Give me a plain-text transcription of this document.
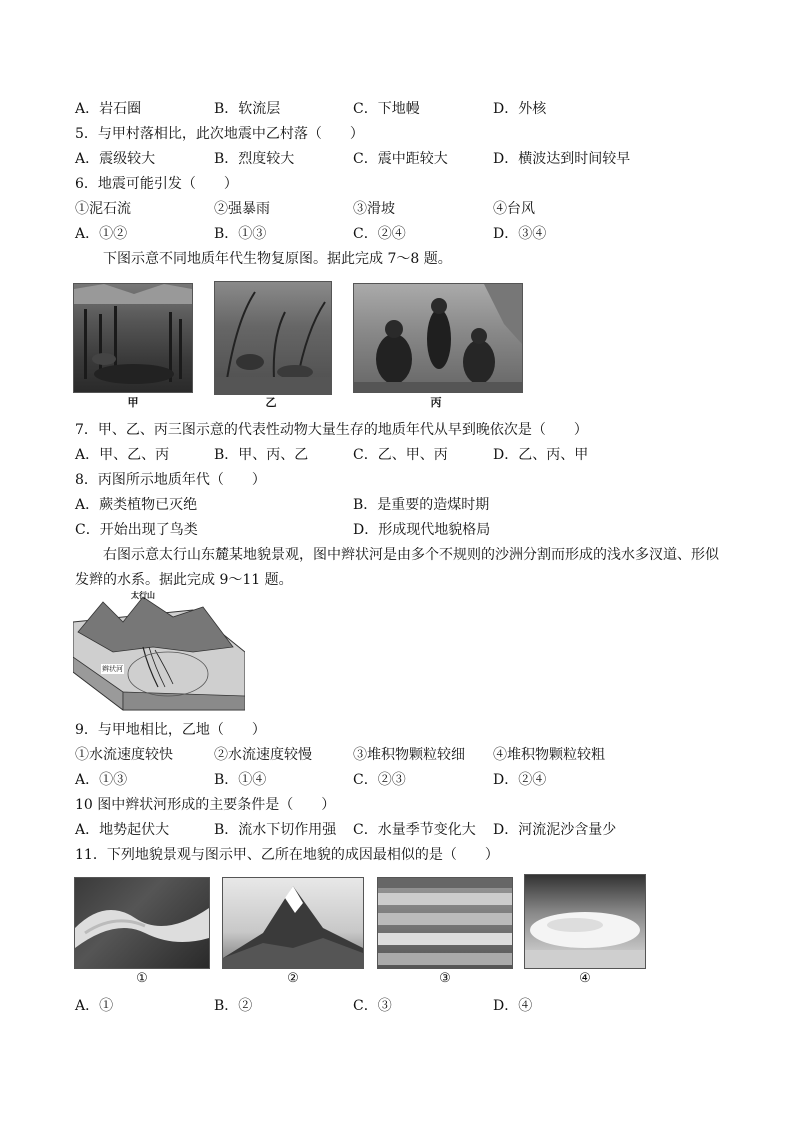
A．岩石圈	B．软流层	C．下地幔	D．外核
5．与甲村落相比，此次地震中乙村落（　　）
A．震级较大	B．烈度较大	C．震中距较大	D．横波达到时间较早
6．地震可能引发（　　）
①泥石流	②强暴雨	③滑坡	④台风
A．①②	B．①③	C．②④	D．③④
下图示意不同地质年代生物复原图。据此完成 7～8 题。
甲	乙	丙
7．甲、乙、丙三图示意的代表性动物大量生存的地质年代从早到晚依次是（　　）
A．甲、乙、丙	B．甲、丙、乙	C．乙、甲、丙	D．乙、丙、甲
8．丙图所示地质年代（　　）
A．蕨类植物已灭绝	B．是重要的造煤时期
C．开始出现了鸟类	D．形成现代地貌格局
右图示意太行山东麓某地貌景观，图中辫状河是由多个不规则的沙洲分割而形成的浅水多汊道、形似
发辫的水系。据此完成 9～11 题。
太行山
辫状河
9．与甲地相比，乙地（　　）
①水流速度较快	②水流速度较慢	③堆积物颗粒较细 ④堆积物颗粒较粗
A．①③	B．①④	C．②③	D．②④
10 图中辫状河形成的主要条件是（　　）
A．地势起伏大	B．流水下切作用强 C．水量季节变化大 D．河流泥沙含量少
11．下列地貌景观与图示甲、乙所在地貌的成因最相似的是（　　）
①	②	③	④
A．①	B．②	C．③	D．④
